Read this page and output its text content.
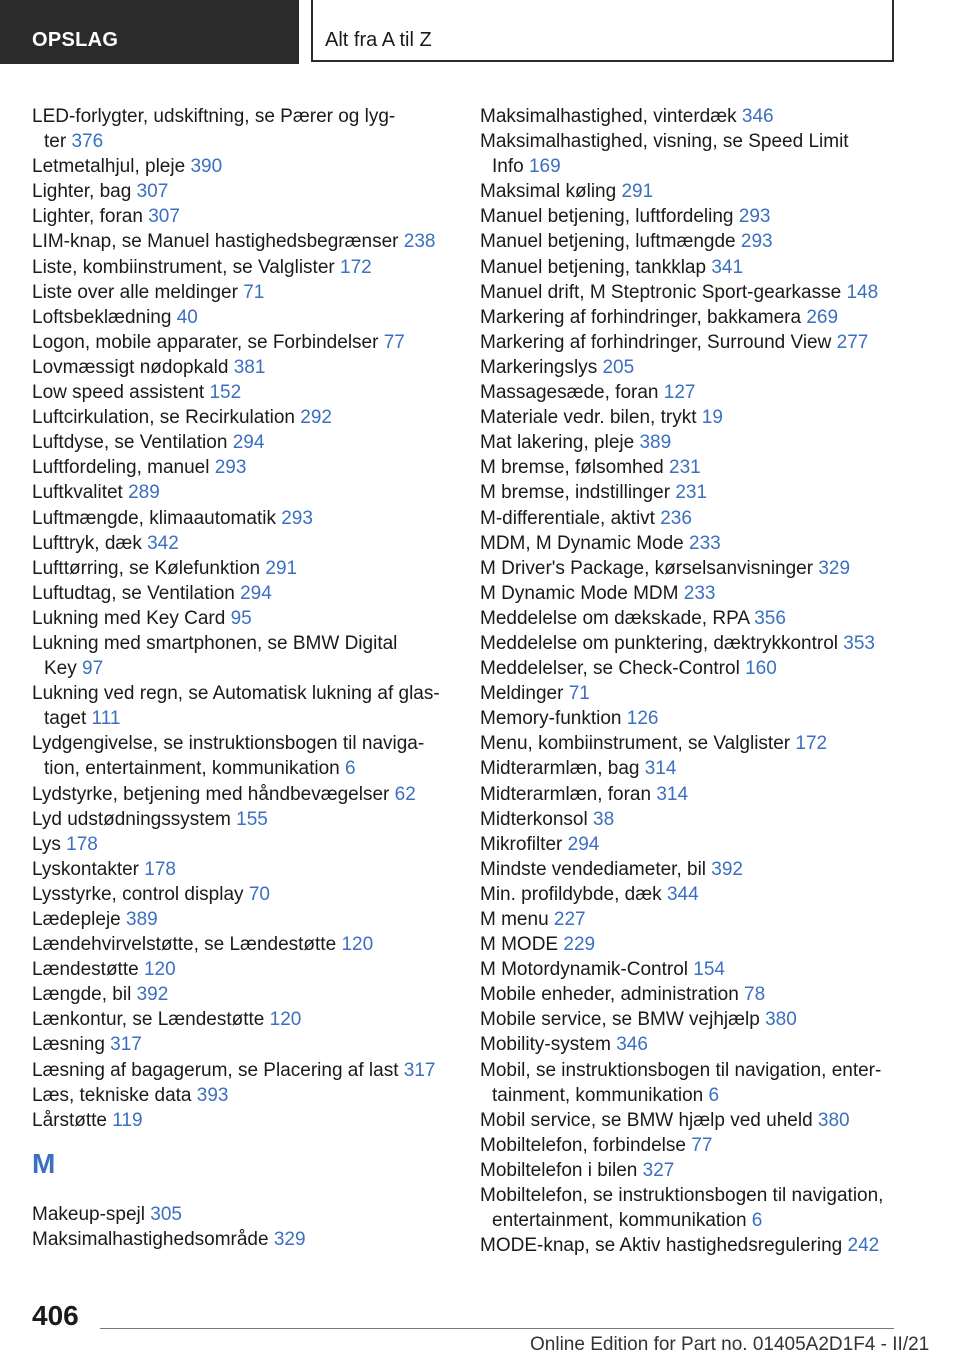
OPSLAG	Alt fra A til Z
LED-forlygter, udskiftning, se Pærer og lyg-
ter 376
Letmetalhjul, pleje 390
Lighter, bag 307
Lighter, foran 307
LIM-knap, se Manuel hastighedsbegrænser 238
Liste, kombiinstrument, se Valglister 172
Liste over alle meldinger 71
Loftsbeklædning 40
Logon, mobile apparater, se Forbindelser 77
Lovmæssigt nødopkald 381
Low speed assistent 152
Luftcirkulation, se Recirkulation 292
Luftdyse, se Ventilation 294
Luftfordeling, manuel 293
Luftkvalitet 289
Luftmængde, klimaautomatik 293
Lufttryk, dæk 342
Lufttørring, se Kølefunktion 291
Luftudtag, se Ventilation 294
Lukning med Key Card 95
Lukning med smartphonen, se BMW Digital
Key 97
Lukning ved regn, se Automatisk lukning af glas-
taget 111
Lydgengivelse, se instruktionsbogen til naviga-
tion, entertainment, kommunikation 6
Lydstyrke, betjening med håndbevægelser 62
Lyd udstødningssystem 155
Lys 178
Lyskontakter 178
Lysstyrke, control display 70
Lædepleje 389
Lændehvirvelstøtte, se Lændestøtte 120
Lændestøtte 120
Længde, bil 392
Lænkontur, se Lændestøtte 120
Læsning 317
Læsning af bagagerum, se Placering af last 317
Læs, tekniske data 393
Lårstøtte 119
M
Makeup-spejl 305
Maksimalhastighedsområde 329
Maksimalhastighed, vinterdæk 346
Maksimalhastighed, visning, se Speed Limit
Info 169
Maksimal køling 291
Manuel betjening, luftfordeling 293
Manuel betjening, luftmængde 293
Manuel betjening, tankklap 341
Manuel drift, M Steptronic Sport-gearkasse 148
Markering af forhindringer, bakkamera 269
Markering af forhindringer, Surround View 277
Markeringslys 205
Massagesæde, foran 127
Materiale vedr. bilen, trykt 19
Mat lakering, pleje 389
M bremse, følsomhed 231
M bremse, indstillinger 231
M-differentiale, aktivt 236
MDM, M Dynamic Mode 233
M Driver's Package, kørselsanvisninger 329
M Dynamic Mode MDM 233
Meddelelse om dækskade, RPA 356
Meddelelse om punktering, dæktrykkontrol 353
Meddelelser, se Check-Control 160
Meldinger 71
Memory-funktion 126
Menu, kombiinstrument, se Valglister 172
Midterarmlæn, bag 314
Midterarmlæn, foran 314
Midterkonsol 38
Mikrofilter 294
Mindste vendediameter, bil 392
Min. profildybde, dæk 344
M menu 227
M MODE 229
M Motordynamik-Control 154
Mobile enheder, administration 78
Mobile service, se BMW vejhjælp 380
Mobility-system 346
Mobil, se instruktionsbogen til navigation, enter-
tainment, kommunikation 6
Mobil service, se BMW hjælp ved uheld 380
Mobiltelefon, forbindelse 77
Mobiltelefon i bilen 327
Mobiltelefon, se instruktionsbogen til navigation,
entertainment, kommunikation 6
MODE-knap, se Aktiv hastighedsregulering 242
406
Online Edition for Part no. 01405A2D1F4 - II/21
